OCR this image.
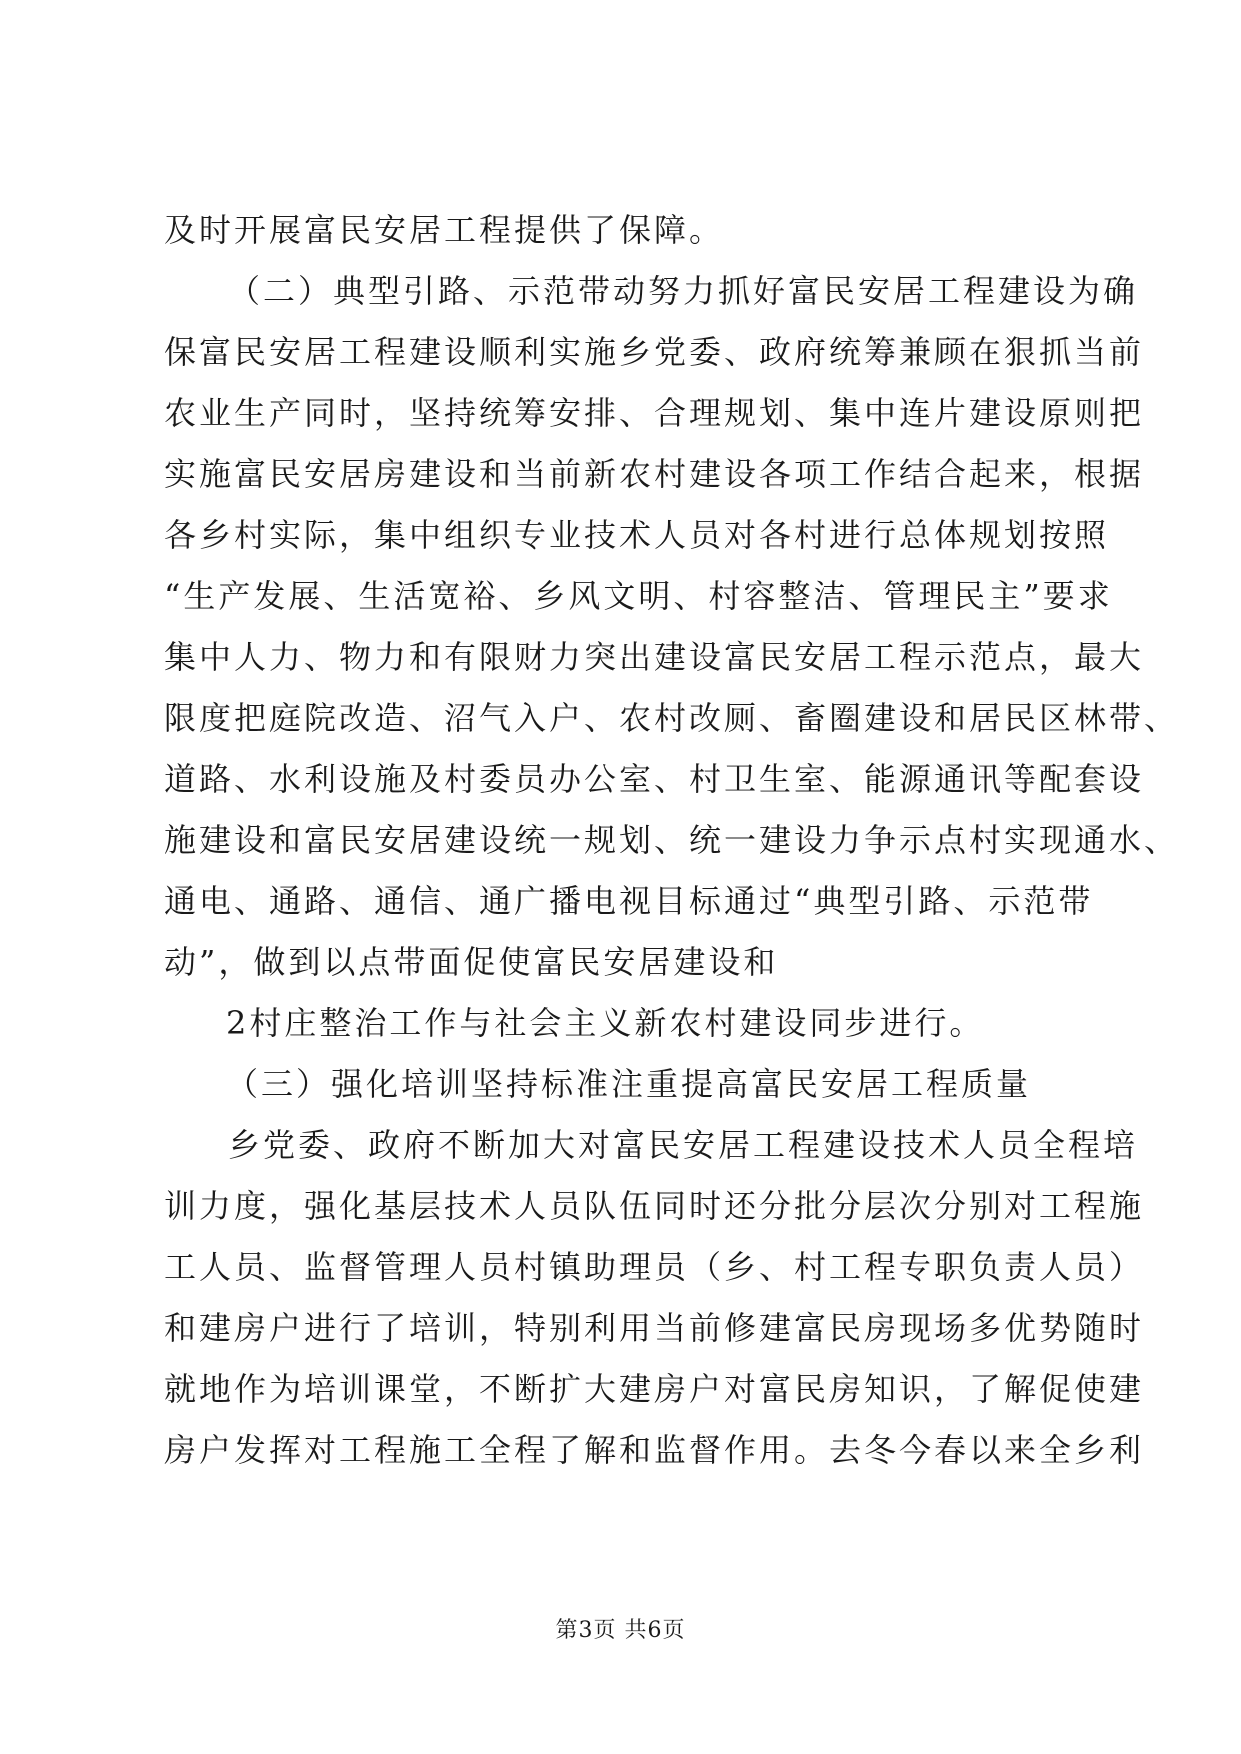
及时开展富民安居工程提供了保障。
（二）典型引路、示范带动努力抓好富民安居工程建设为确
保富民安居工程建设顺利实施乡党委、政府统筹兼顾在狠抓当前
农业生产同时，坚持统筹安排、合理规划、集中连片建设原则把
实施富民安居房建设和当前新农村建设各项工作结合起来，根据
各乡村实际，集中组织专业技术人员对各村进行总体规划按照
“生产发展、生活宽裕、乡风文明、村容整洁、管理民主”要求
集中人力、物力和有限财力突出建设富民安居工程示范点，最大
限度把庭院改造、沼气入户、农村改厕、畜圈建设和居民区林带、
道路、水利设施及村委员办公室、村卫生室、能源通讯等配套设
施建设和富民安居建设统一规划、统一建设力争示点村实现通水、
通电、通路、通信、通广播电视目标通过“典型引路、示范带
动”，做到以点带面促使富民安居建设和
2村庄整治工作与社会主义新农村建设同步进行。
（三）强化培训坚持标准注重提高富民安居工程质量
乡党委、政府不断加大对富民安居工程建设技术人员全程培
训力度，强化基层技术人员队伍同时还分批分层次分别对工程施
工人员、监督管理人员村镇助理员（乡、村工程专职负责人员）
和建房户进行了培训，特别利用当前修建富民房现场多优势随时
就地作为培训课堂，不断扩大建房户对富民房知识，了解促使建
房户发挥对工程施工全程了解和监督作用。去冬今春以来全乡利
第3页 共6页
